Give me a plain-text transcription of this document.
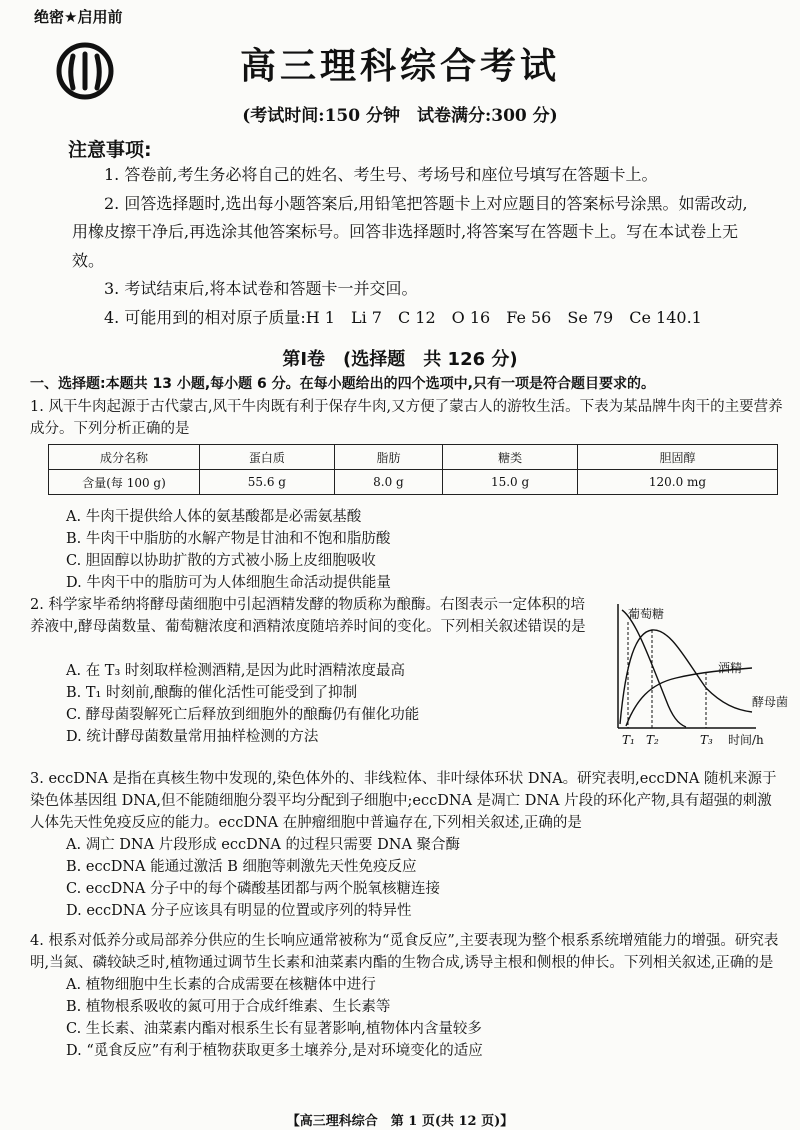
绝密★启用前
高三理科综合考试
(考试时间:150 分钟　试卷满分:300 分)
注意事项:

1. 答卷前,考生务必将自己的姓名、考生号、考场号和座位号填写在答题卡上。

2. 回答选择题时,选出每小题答案后,用铅笔把答题卡上对应题目的答案标号涂黑。如需改动,用橡皮擦干净后,再选涂其他答案标号。回答非选择题时,将答案写在答题卡上。写在本试卷上无效。

3. 考试结束后,将本试卷和答题卡一并交回。

4. 可能用到的相对原子质量:H 1　Li 7　C 12　O 16　Fe 56　Se 79　Ce 140.1

第Ⅰ卷　(选择题　共 126 分)
一、选择题:本题共 13 小题,每小题 6 分。在每小题给出的四个选项中,只有一项是符合题目要求的。

1. 风干牛肉起源于古代蒙古,风干牛肉既有利于保存牛肉,又方便了蒙古人的游牧生活。下表为某品牌牛肉干的主要营养成分。下列分析正确的是

成分名称	蛋白质	脂肪	糖类	胆固醇
含量(每 100 g)	55.6 g	8.0 g	15.0 g	120.0 mg

A. 牛肉干提供给人体的氨基酸都是必需氨基酸

B. 牛肉干中脂肪的水解产物是甘油和不饱和脂肪酸

C. 胆固醇以协助扩散的方式被小肠上皮细胞吸收

D. 牛肉干中的脂肪可为人体细胞生命活动提供能量

2. 科学家毕希纳将酵母菌细胞中引起酒精发酵的物质称为酿酶。右图表示一定体积的培养液中,酵母菌数量、葡萄糖浓度和酒精浓度随培养时间的变化。下列相关叙述错误的是

A. 在 T₃ 时刻取样检测酒精,是因为此时酒精浓度最高

B. T₁ 时刻前,酿酶的催化活性可能受到了抑制

C. 酵母菌裂解死亡后释放到细胞外的酿酶仍有催化功能

D. 统计酵母菌数量常用抽样检测的方法

葡萄糖
酒精
酵母菌
T₁ T₂	T₃ 时间/h

3. eccDNA 是指在真核生物中发现的,染色体外的、非线粒体、非叶绿体环状 DNA。研究表明,eccDNA 随机来源于染色体基因组 DNA,但不能随细胞分裂平均分配到子细胞中;eccDNA 是凋亡 DNA 片段的环化产物,具有超强的刺激人体先天性免疫反应的能力。eccDNA 在肿瘤细胞中普遍存在,下列相关叙述,正确的是

A. 凋亡 DNA 片段形成 eccDNA 的过程只需要 DNA 聚合酶

B. eccDNA 能通过激活 B 细胞等刺激先天性免疫反应

C. eccDNA 分子中的每个磷酸基团都与两个脱氧核糖连接

D. eccDNA 分子应该具有明显的位置或序列的特异性

4. 根系对低养分或局部养分供应的生长响应通常被称为“觅食反应”,主要表现为整个根系系统增殖能力的增强。研究表明,当氮、磷较缺乏时,植物通过调节生长素和油菜素内酯的生物合成,诱导主根和侧根的伸长。下列相关叙述,正确的是

A. 植物细胞中生长素的合成需要在核糖体中进行

B. 植物根系吸收的氮可用于合成纤维素、生长素等

C. 生长素、油菜素内酯对根系生长有显著影响,植物体内含量较多

D. “觅食反应”有利于植物获取更多土壤养分,是对环境变化的适应

【高三理科综合　第 1 页(共 12 页)】
